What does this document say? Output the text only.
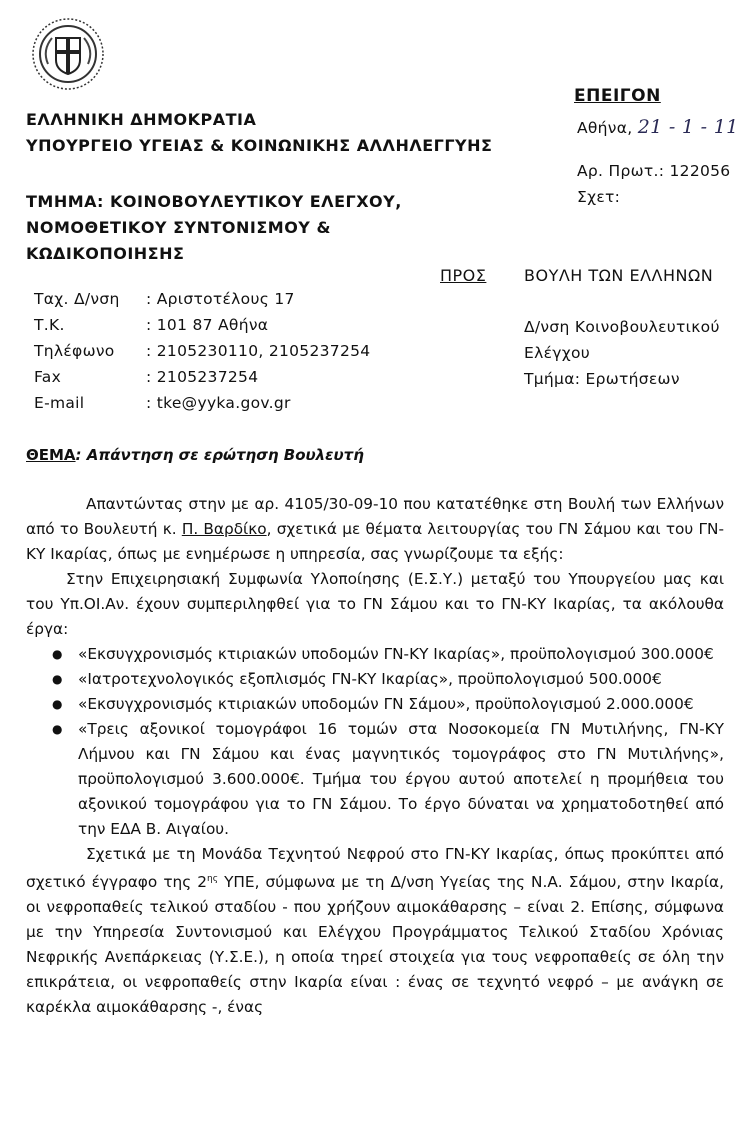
ΕΛΛΗΝΙΚΗ ΔΗΜΟΚΡΑΤΙΑ
ΥΠΟΥΡΓΕΙΟ ΥΓΕΙΑΣ & ΚΟΙΝΩΝΙΚΗΣ ΑΛΛΗΛΕΓΓΥΗΣ
ΤΜΗΜΑ: ΚΟΙΝΟΒΟΥΛΕΥΤΙΚΟΥ ΕΛΕΓΧΟΥ,
ΝΟΜΟΘΕΤΙΚΟΥ ΣΥΝΤΟΝΙΣΜΟΥ &
ΚΩΔΙΚΟΠΟΙΗΣΗΣ
ΕΠΕΙΓΟΝ
Αθήνα, 21 - 1 - 11
Αρ. Πρωτ.: 122056
Σχετ:
ΠΡΟΣ ΒΟΥΛΗ ΤΩΝ ΕΛΛΗΝΩΝ
Δ/νση Κοινοβουλευτικού
Ελέγχου
Τμήμα: Ερωτήσεων
Ταχ. Δ/νση : Αριστοτέλους 17
Τ.Κ.	: 101 87 Αθήνα
Τηλέφωνο : 2105230110, 2105237254
Fax	: 2105237254
E-mail	: tke@yyka.gov.gr
ΘΕΜΑ: Απάντηση σε ερώτηση Βουλευτή

Απαντώντας στην με αρ. 4105/30-09-10 που κατατέθηκε στη Βουλή των Ελλήνων από το Βουλευτή κ. Π. Βαρδίκο, σχετικά με θέματα λειτουργίας του ΓΝ Σάμου και του ΓΝ-ΚΥ Ικαρίας, όπως με ενημέρωσε η υπηρεσία, σας γνωρίζουμε τα εξής:

Στην Επιχειρησιακή Συμφωνία Υλοποίησης (Ε.Σ.Υ.) μεταξύ του Υπουργείου μας και του Υπ.ΟΙ.Αν. έχουν συμπεριληφθεί για το ΓΝ Σάμου και το ΓΝ-ΚΥ Ικαρίας, τα ακόλουθα έργα:

● «Εκσυγχρονισμός κτιριακών υποδομών ΓΝ-ΚΥ Ικαρίας», προϋπολογισμού 300.000€
● «Ιατροτεχνολογικός εξοπλισμός ΓΝ-ΚΥ Ικαρίας», προϋπολογισμού 500.000€
● «Εκσυγχρονισμός κτιριακών υποδομών ΓΝ Σάμου», προϋπολογισμού 2.000.000€
● «Τρεις αξονικοί τομογράφοι 16 τομών στα Νοσοκομεία ΓΝ Μυτιλήνης, ΓΝ-ΚΥ Λήμνου και ΓΝ Σάμου και ένας μαγνητικός τομογράφος στο ΓΝ Μυτιλήνης», προϋπολογισμού 3.600.000€. Τμήμα του έργου αυτού αποτελεί η προμήθεια του αξονικού τομογράφου για το ΓΝ Σάμου. Το έργο δύναται να χρηματοδοτηθεί από την ΕΔΑ Β. Αιγαίου.

Σχετικά με τη Μονάδα Τεχνητού Νεφρού στο ΓΝ-ΚΥ Ικαρίας, όπως προκύπτει από σχετικό έγγραφο της $2^{\eta\varsigma}$ ΥΠΕ, σύμφωνα με τη Δ/νση Υγείας της Ν.Α. Σάμου, στην Ικαρία, οι νεφροπαθείς τελικού σταδίου - που χρήζουν αιμοκάθαρσης – είναι 2. Επίσης, σύμφωνα με την Υπηρεσία Συντονισμού και Ελέγχου Προγράμματος Τελικού Σταδίου Χρόνιας Νεφρικής Ανεπάρκειας (Υ.Σ.Ε.), η οποία τηρεί στοιχεία για τους νεφροπαθείς σε όλη την επικράτεια, οι νεφροπαθείς στην Ικαρία είναι : ένας σε τεχνητό νεφρό – με ανάγκη σε καρέκλα αιμοκάθαρσης -, ένας
